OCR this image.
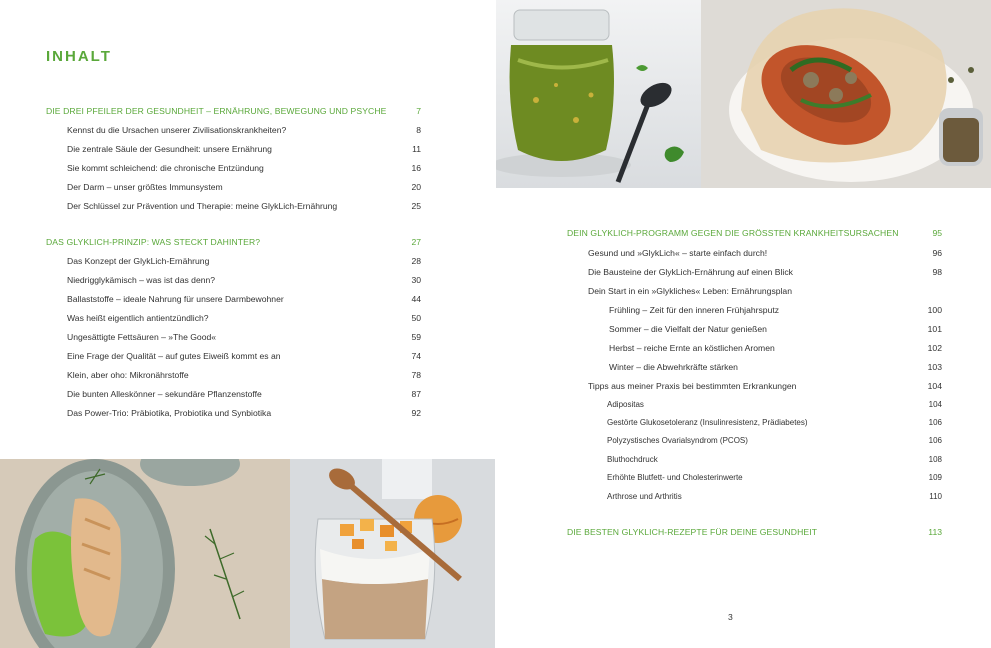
INHALT
DIE DREI PFEILER DER GESUNDHEIT – ERNÄHRUNG, BEWEGUNG UND PSYCHE	7
Kennst du die Ursachen unserer Zivilisationskrankheiten?	8
Die zentrale Säule der Gesundheit: unsere Ernährung	11
Sie kommt schleichend: die chronische Entzündung	16
Der Darm – unser größtes Immunsystem	20
Der Schlüssel zur Prävention und Therapie: meine GlykLich-Ernährung	25
DAS GLYKLICH-PRINZIP: WAS STECKT DAHINTER?	27
Das Konzept der GlykLich-Ernährung	28
Niedrigglykämisch – was ist das denn?	30
Ballaststoffe – ideale Nahrung für unsere Darmbewohner	44
Was heißt eigentlich antientzündlich?	50
Ungesättigte Fettsäuren – »The Good«	59
Eine Frage der Qualität – auf gutes Eiweiß kommt es an	74
Klein, aber oho: Mikronährstoffe	78
Die bunten Alleskönner – sekundäre Pflanzenstoffe	87
Das Power-Trio: Präbiotika, Probiotika und Synbiotika	92
DEIN GLYKLICH-PROGRAMM GEGEN DIE GRÖSSTEN KRANKHEITSURSACHEN	95
Gesund und »GlykLich« – starte einfach durch!	96
Die Bausteine der GlykLich-Ernährung auf einen Blick	98
Dein Start in ein »Glykliches« Leben: Ernährungsplan
Frühling – Zeit für den inneren Frühjahrsputz	100
Sommer – die Vielfalt der Natur genießen	101
Herbst – reiche Ernte an köstlichen Aromen	102
Winter – die Abwehrkräfte stärken	103
Tipps aus meiner Praxis bei bestimmten Erkrankungen	104
Adipositas	104
Gestörte Glukosetoleranz (Insulinresistenz, Prädiabetes)	106
Polyzystisches Ovarialsyndrom (PCOS)	106
Bluthochdruck	108
Erhöhte Blutfett- und Cholesterinwerte	109
Arthrose und Arthritis	110
DIE BESTEN GLYKLICH-REZEPTE FÜR DEINE GESUNDHEIT	113
3
